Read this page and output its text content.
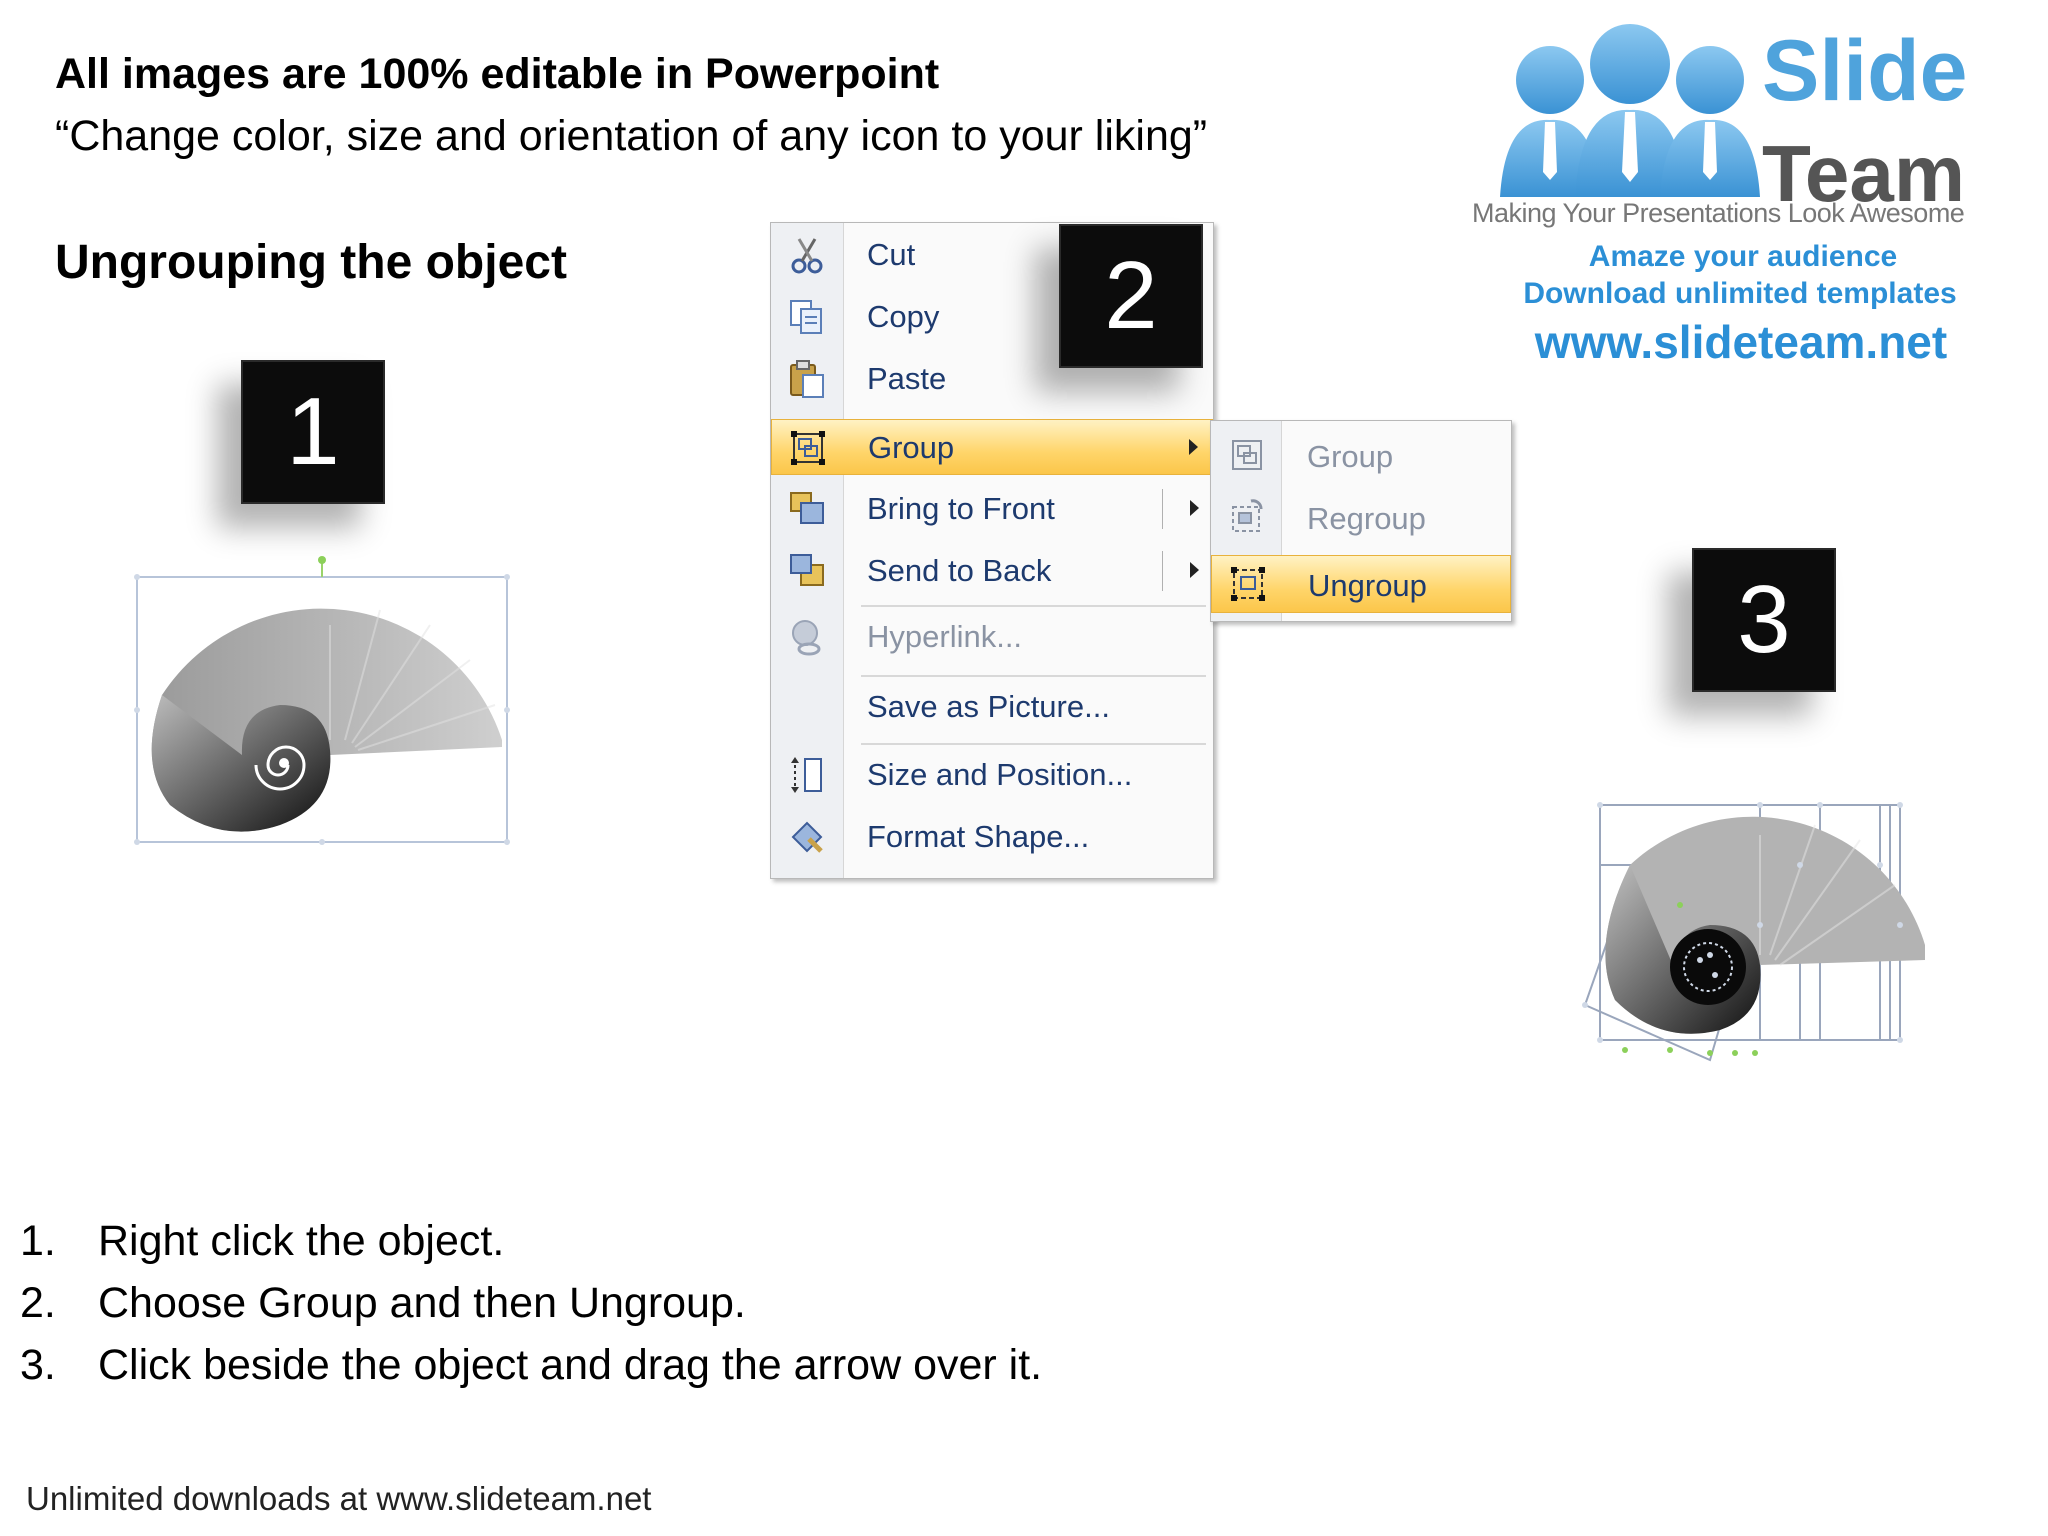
All images are 100% editable in Powerpoint
“Change color, size and orientation of any icon to your liking”
Ungrouping the object
1
Cut
Copy
Paste
Group
Bring to Front
Send to Back
Hyperlink...
Save as Picture...
Size and Position...
Format Shape...
2
Group
Regroup
Ungroup	3
Slide
Team
Making Your Presentations Look Awesome
Amaze your audience
Download unlimited templates
www.slideteam.net
1. Right click the object.
2. Choose Group and then Ungroup.
3. Click beside the object and drag the arrow over it.
Unlimited downloads at www.slideteam.net
